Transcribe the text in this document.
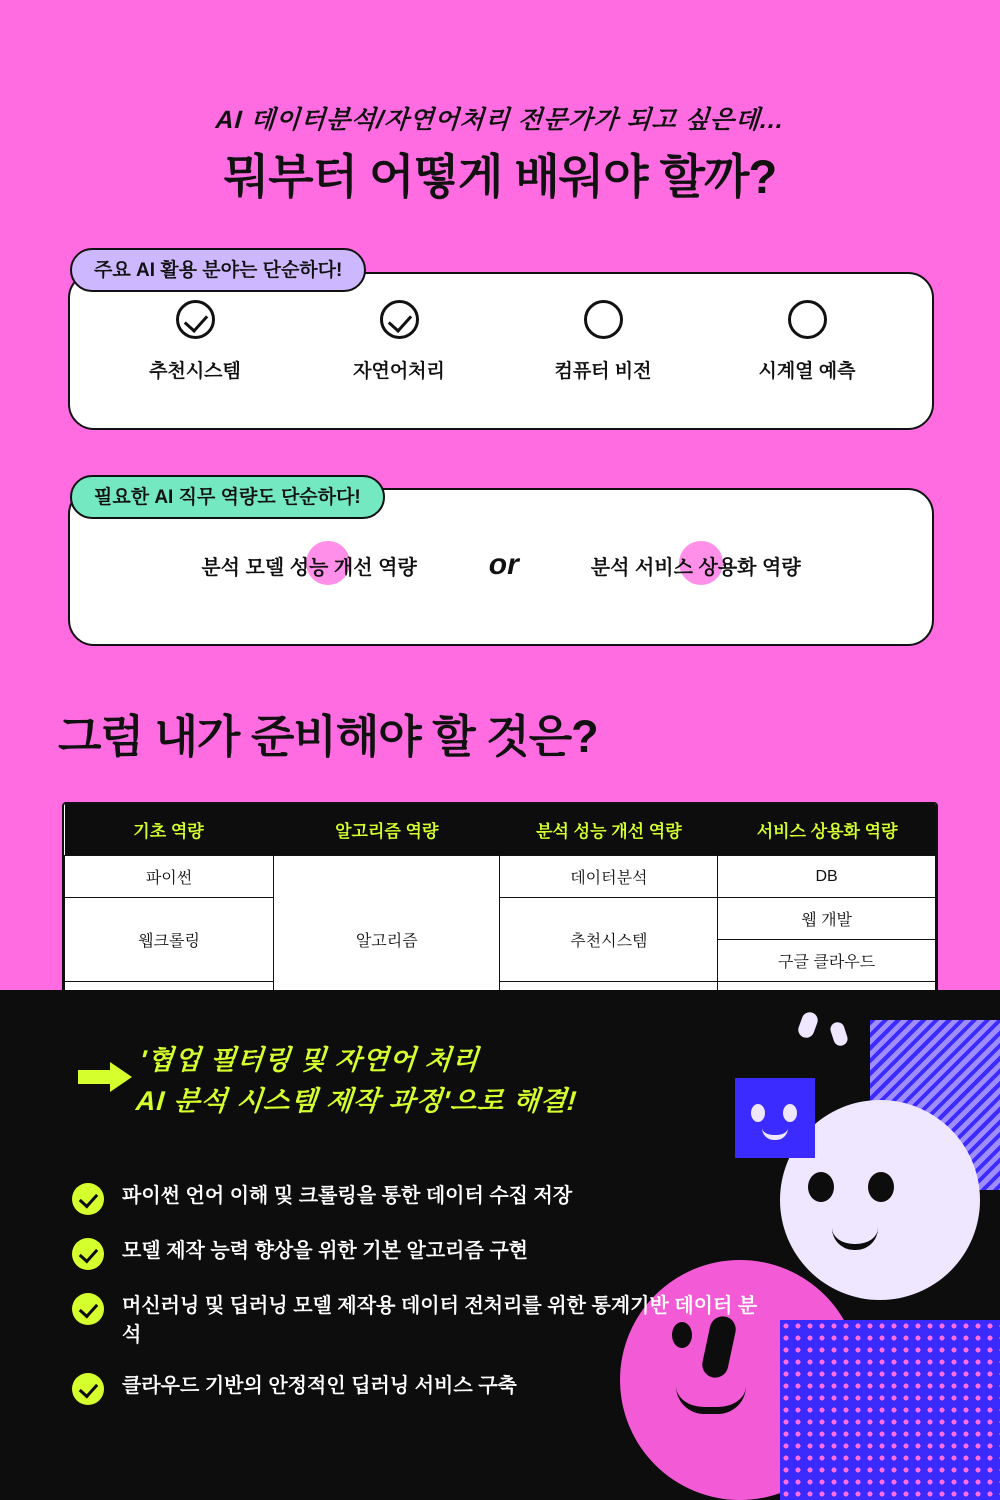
AI 데이터분석/자연어처리 전문가가 되고 싶은데...
뭐부터 어떻게 배워야 할까?
주요 AI 활용 분야는 단순하다!
추천시스템	자연어처리	컴퓨터 비전	시계열 예측
필요한 AI 직무 역량도 단순하다!
분석 모델 성능 개선 역량 or	분석 서비스 상용화 역량
그럼 내가 준비해야 할 것은?
기초 역량	알고리즘 역량	분석 성능 개선 역량	서비스 상용화 역량
파이썬	알고리즘	데이터분석	DB

웹크롤링		추천시스템	웹 개발
			구글 클라우드

'협업 필터링 및 자연어 처리
AI 분석 시스템 제작 과정'으로 해결!
파이썬 언어 이해 및 크롤링을 통한 데이터 수집 저장
모델 제작 능력 향상을 위한 기본 알고리즘 구현
머신러닝 및 딥러닝 모델 제작용 데이터 전처리를 위한 통계기반 데이터 분석
클라우드 기반의 안정적인 딥러닝 서비스 구축
